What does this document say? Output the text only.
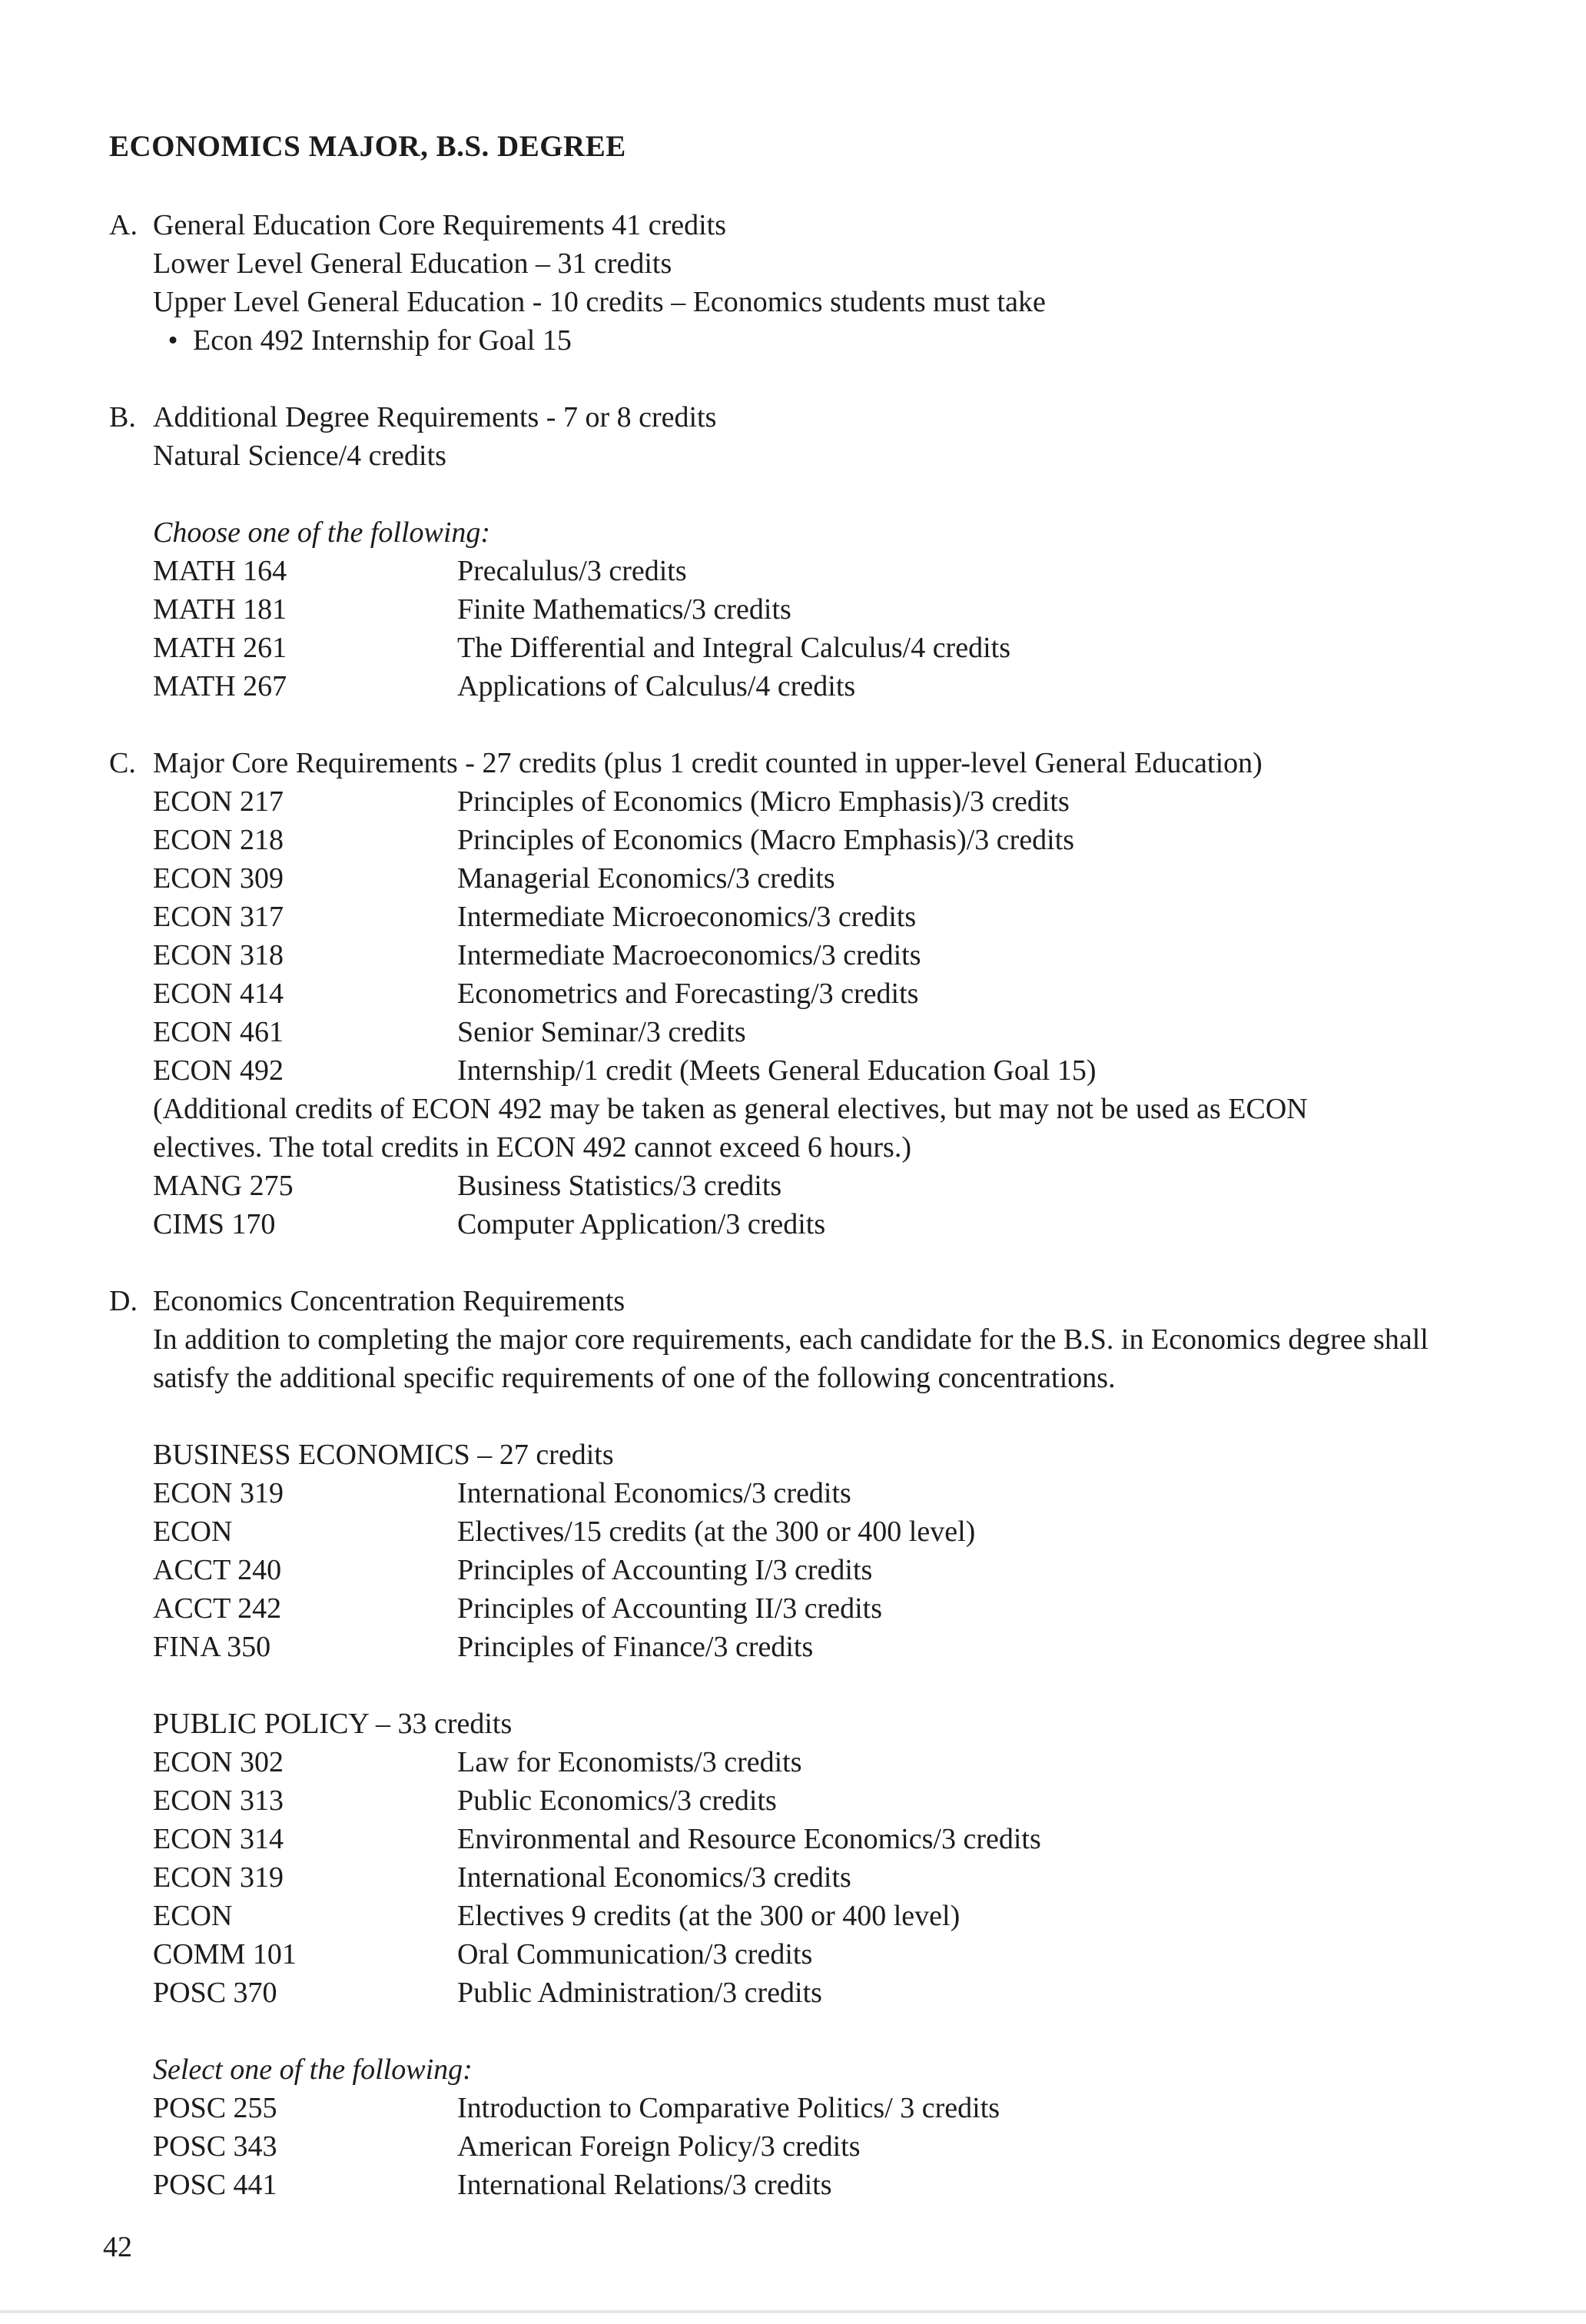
ECONOMICS MAJOR, B.S. DEGREE
A. General Education Core Requirements 41 credits
Lower Level General Education – 31 credits
Upper Level General Education - 10 credits – Economics students must take
• Econ 492 Internship for Goal 15
B. Additional Degree Requirements - 7 or 8 credits
Natural Science/4 credits
Choose one of the following:
MATH 164	Precalulus/3 credits
MATH 181	Finite Mathematics/3 credits
MATH 261	The Differential and Integral Calculus/4 credits
MATH 267	Applications of Calculus/4 credits
C. Major Core Requirements - 27 credits (plus 1 credit counted in upper-level General Education)
ECON 217	Principles of Economics (Micro Emphasis)/3 credits
ECON 218	Principles of Economics (Macro Emphasis)/3 credits
ECON 309	Managerial Economics/3 credits
ECON 317	Intermediate Microeconomics/3 credits
ECON 318	Intermediate Macroeconomics/3 credits
ECON 414	Econometrics and Forecasting/3 credits
ECON 461	Senior Seminar/3 credits
ECON 492	Internship/1 credit (Meets General Education Goal 15)
(Additional credits of ECON 492 may be taken as general electives, but may not be used as ECON
electives. The total credits in ECON 492 cannot exceed 6 hours.)
MANG 275	Business Statistics/3 credits
CIMS 170	Computer Application/3 credits
D. Economics Concentration Requirements
In addition to completing the major core requirements, each candidate for the B.S. in Economics degree shall
satisfy the additional specific requirements of one of the following concentrations.
BUSINESS ECONOMICS – 27 credits
ECON 319	International Economics/3 credits
ECON	Electives/15 credits (at the 300 or 400 level)
ACCT 240	Principles of Accounting I/3 credits
ACCT 242	Principles of Accounting II/3 credits
FINA 350	Principles of Finance/3 credits
PUBLIC POLICY – 33 credits
ECON 302	Law for Economists/3 credits
ECON 313	Public Economics/3 credits
ECON 314	Environmental and Resource Economics/3 credits
ECON 319	International Economics/3 credits
ECON	Electives 9 credits (at the 300 or 400 level)
COMM 101	Oral Communication/3 credits
POSC 370	Public Administration/3 credits
Select one of the following:
POSC 255	Introduction to Comparative Politics/ 3 credits
POSC 343	American Foreign Policy/3 credits
POSC 441	International Relations/3 credits
42
